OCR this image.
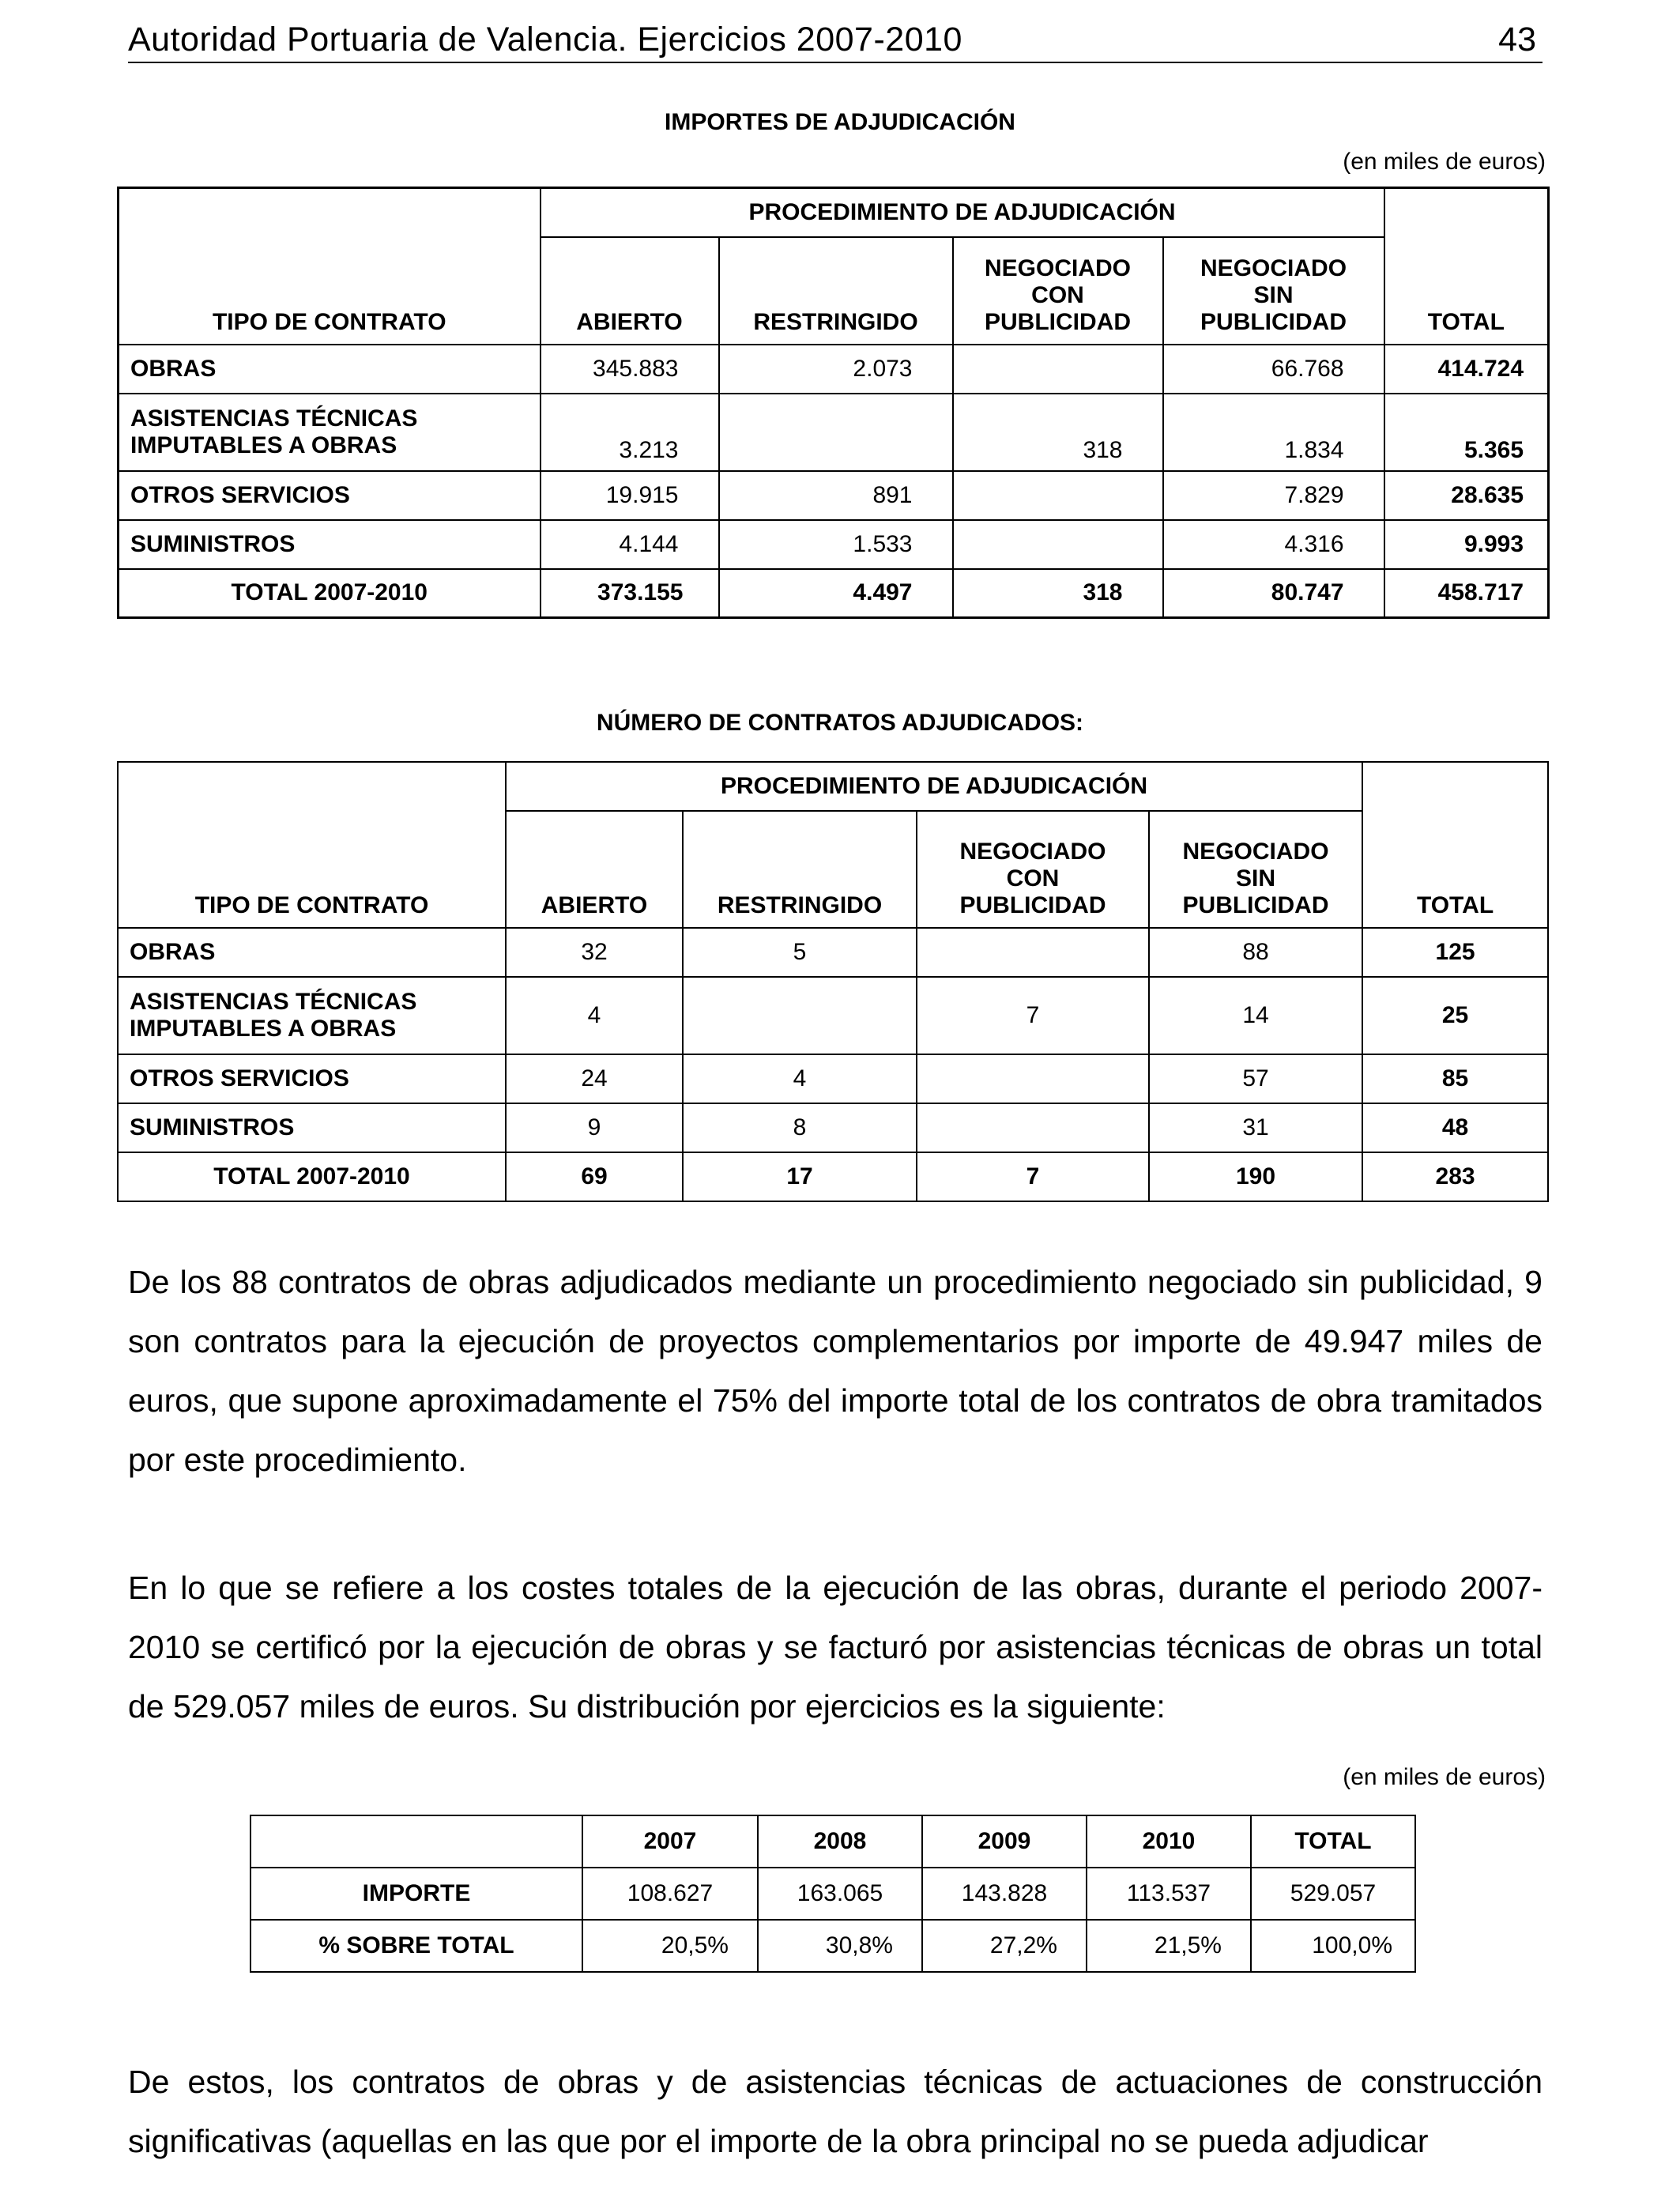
Autoridad Portuaria de Valencia. Ejercicios 2007-2010	43
IMPORTES DE ADJUDICACIÓN
(en miles de euros)
TIPO DE CONTRATO	PROCEDIMIENTO DE ADJUDICACIÓN				TOTAL
	ABIERTO	RESTRINGIDO	NEGOCIADO
CON
PUBLICIDAD	NEGOCIADO
SIN
PUBLICIDAD	
OBRAS	345.883	2.073		66.768	414.724
ASISTENCIAS TÉCNICAS
IMPUTABLES A OBRAS	3.213		318	1.834	5.365
OTROS SERVICIOS	19.915	891		7.829	28.635
SUMINISTROS	4.144	1.533		4.316	9.993
TOTAL 2007-2010	373.155	4.497	318	80.747	458.717
NÚMERO DE CONTRATOS ADJUDICADOS:
TIPO DE CONTRATO	PROCEDIMIENTO DE ADJUDICACIÓN				TOTAL
	ABIERTO	RESTRINGIDO	NEGOCIADO
CON
PUBLICIDAD	NEGOCIADO
SIN
PUBLICIDAD	
OBRAS	32	5		88	125
ASISTENCIAS TÉCNICAS
IMPUTABLES A OBRAS	4		7	14	25
OTROS SERVICIOS	24	4		57	85
SUMINISTROS	9	8		31	48
TOTAL 2007-2010	69	17	7	190	283
De los 88 contratos de obras adjudicados mediante un procedimiento negociado sin publicidad, 9 son contratos para la ejecución de proyectos complementarios por importe de 49.947 miles de euros, que supone aproximadamente el 75% del importe total de los contratos de obra tramitados por este procedimiento.
En lo que se refiere a los costes totales de la ejecución de las obras, durante el periodo 2007-2010 se certificó por la ejecución de obras y se facturó por asistencias técnicas de obras un total de 529.057 miles de euros. Su distribución por ejercicios es la siguiente:
(en miles de euros)
	2007	2008	2009	2010	TOTAL
IMPORTE	108.627	163.065	143.828	113.537	529.057
% SOBRE TOTAL	20,5%	30,8%	27,2%	21,5%	100,0%
De estos, los contratos de obras y de asistencias técnicas de actuaciones de construcción significativas (aquellas en las que por el importe de la obra principal no se pueda adjudicar
